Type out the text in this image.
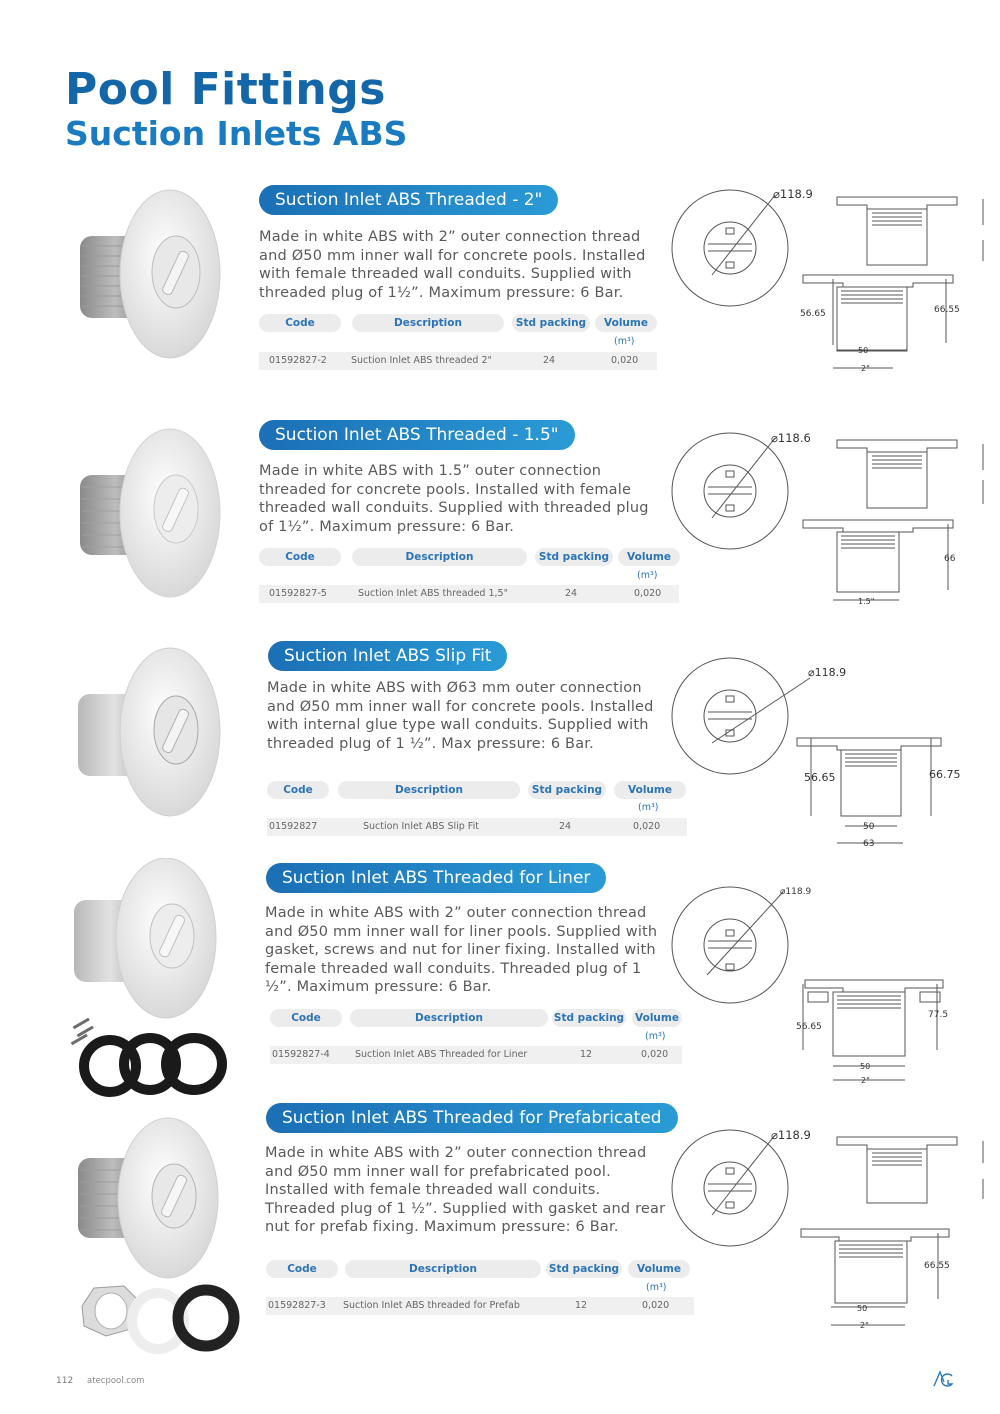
Pool Fittings
Suction Inlets ABS
Suction Inlet ABS Threaded - 2"

Made in white ABS with 2” outer connection thread and Ø50 mm inner wall for concrete pools. Installed with female threaded wall conduits. Supplied with threaded plug of 1½”. Maximum pressure: 6 Bar.

Code	Description	Std packing	Volume
(m³)
01592827-2	Suction Inlet ABS threaded 2"	24	0,020
⌀118.9
56.65	66.55
50
2"
Suction Inlet ABS Threaded - 1.5"

Made in white ABS with 1.5” outer connection threaded for concrete pools. Installed with female threaded wall conduits. Supplied with threaded plug of 1½”. Maximum pressure: 6 Bar.

Code	Description	Std packing	Volume
(m³)
01592827-5	Suction Inlet ABS threaded 1,5"	24	0,020
⌀118.6
66
1.5"
Suction Inlet ABS Slip Fit

Made in white ABS with Ø63 mm outer connection and Ø50 mm inner wall for concrete pools. Installed with internal glue type wall conduits. Supplied with threaded plug of 1 ½”. Max pressure: 6 Bar.

Code	Description	Std packing	Volume
(m³)
01592827	Suction Inlet ABS Slip Fit	24	0,020
⌀118.9
56.65	66.75
50
63
Suction Inlet ABS Threaded for Liner

Made in white ABS with 2” outer connection thread and Ø50 mm inner wall for liner pools. Supplied with gasket, screws and nut for liner fixing. Installed with female threaded wall conduits. Threaded plug of 1 ½”. Maximum pressure: 6 Bar.

Code	Description	Std packing Volume
(m³)
01592827-4	Suction Inlet ABS Threaded for Liner	12	0,020
⌀118.9
56.65
77.5
50
2"
Suction Inlet ABS Threaded for Prefabricated

Made in white ABS with 2” outer connection thread and Ø50 mm inner wall for prefabricated pool. Installed with female threaded wall conduits. Threaded plug of 1 ½”. Supplied with gasket and rear nut for prefab fixing. Maximum pressure: 6 Bar.

Code	Description	Std packing	Volume
(m³)
01592827-3 Suction Inlet ABS threaded for Prefab	12	0,020
⌀118.9
66.55
50
2"
112 atecpool.com
